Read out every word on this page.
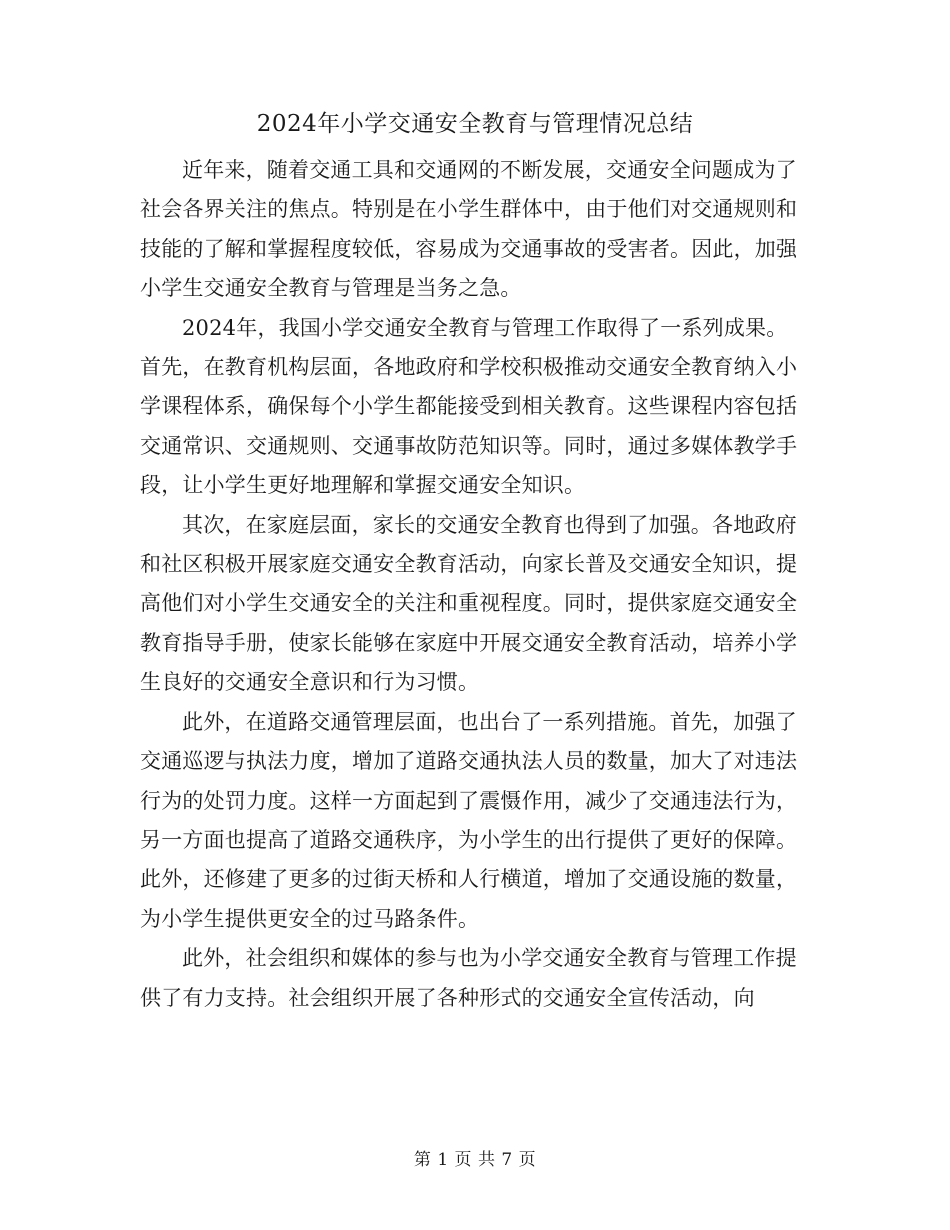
2024年小学交通安全教育与管理情况总结

近年来，随着交通工具和交通网的不断发展，交通安全问题成为了社会各界关注的焦点。特别是在小学生群体中，由于他们对交通规则和技能的了解和掌握程度较低，容易成为交通事故的受害者。因此，加强小学生交通安全教育与管理是当务之急。

2024年，我国小学交通安全教育与管理工作取得了一系列成果。首先，在教育机构层面，各地政府和学校积极推动交通安全教育纳入小学课程体系，确保每个小学生都能接受到相关教育。这些课程内容包括交通常识、交通规则、交通事故防范知识等。同时，通过多媒体教学手段，让小学生更好地理解和掌握交通安全知识。

其次，在家庭层面，家长的交通安全教育也得到了加强。各地政府和社区积极开展家庭交通安全教育活动，向家长普及交通安全知识，提高他们对小学生交通安全的关注和重视程度。同时，提供家庭交通安全教育指导手册，使家长能够在家庭中开展交通安全教育活动，培养小学生良好的交通安全意识和行为习惯。

此外，在道路交通管理层面，也出台了一系列措施。首先，加强了交通巡逻与执法力度，增加了道路交通执法人员的数量，加大了对违法行为的处罚力度。这样一方面起到了震慑作用，减少了交通违法行为，另一方面也提高了道路交通秩序，为小学生的出行提供了更好的保障。此外，还修建了更多的过街天桥和人行横道，增加了交通设施的数量，为小学生提供更安全的过马路条件。

此外，社会组织和媒体的参与也为小学交通安全教育与管理工作提供了有力支持。社会组织开展了各种形式的交通安全宣传活动，向

第 1 页 共 7 页
